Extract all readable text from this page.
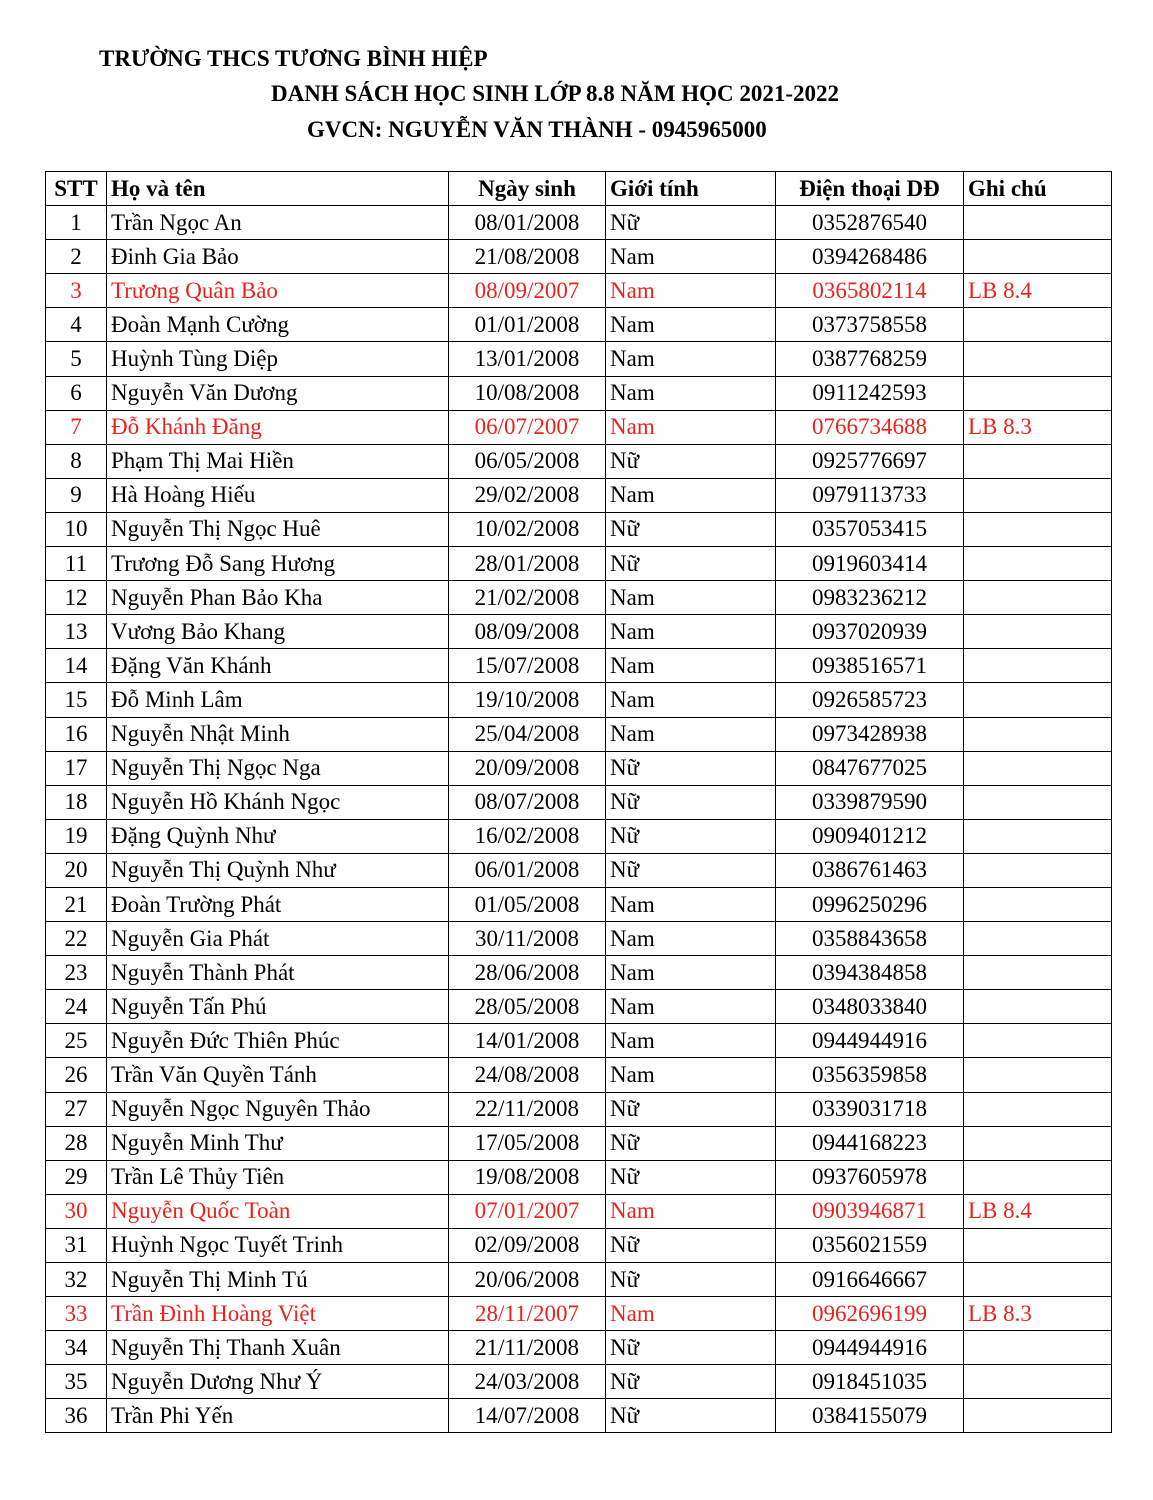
TRƯỜNG THCS TƯƠNG BÌNH HIỆP
DANH SÁCH HỌC SINH LỚP 8.8 NĂM HỌC 2021-2022
GVCN: NGUYỄN VĂN THÀNH - 0945965000
STT	Họ và tên	Ngày sinh	Giới tính	Điện thoại DĐ	Ghi chú
1	Trần Ngọc An	08/01/2008	Nữ	0352876540	
2	Đinh Gia Bảo	21/08/2008	Nam	0394268486	
3	Trương Quân Bảo	08/09/2007	Nam	0365802114	LB 8.4
4	Đoàn Mạnh Cường	01/01/2008	Nam	0373758558	
5	Huỳnh Tùng Diệp	13/01/2008	Nam	0387768259	
6	Nguyễn Văn Dương	10/08/2008	Nam	0911242593	
7	Đỗ Khánh Đăng	06/07/2007	Nam	0766734688	LB 8.3
8	Phạm Thị Mai Hiền	06/05/2008	Nữ	0925776697	
9	Hà Hoàng Hiếu	29/02/2008	Nam	0979113733	
10	Nguyễn Thị Ngọc Huê	10/02/2008	Nữ	0357053415	
11	Trương Đỗ Sang Hương	28/01/2008	Nữ	0919603414	
12	Nguyễn Phan Bảo Kha	21/02/2008	Nam	0983236212	
13	Vương Bảo Khang	08/09/2008	Nam	0937020939	
14	Đặng Văn Khánh	15/07/2008	Nam	0938516571	
15	Đỗ Minh Lâm	19/10/2008	Nam	0926585723	
16	Nguyễn Nhật Minh	25/04/2008	Nam	0973428938	
17	Nguyễn Thị Ngọc Nga	20/09/2008	Nữ	0847677025	
18	Nguyễn Hồ Khánh Ngọc	08/07/2008	Nữ	0339879590	
19	Đặng Quỳnh Như	16/02/2008	Nữ	0909401212	
20	Nguyễn Thị Quỳnh Như	06/01/2008	Nữ	0386761463	
21	Đoàn Trường Phát	01/05/2008	Nam	0996250296	
22	Nguyễn Gia Phát	30/11/2008	Nam	0358843658	
23	Nguyễn Thành Phát	28/06/2008	Nam	0394384858	
24	Nguyễn Tấn Phú	28/05/2008	Nam	0348033840	
25	Nguyễn Đức Thiên Phúc	14/01/2008	Nam	0944944916	
26	Trần Văn Quyền Tánh	24/08/2008	Nam	0356359858	
27	Nguyễn Ngọc Nguyên Thảo	22/11/2008	Nữ	0339031718	
28	Nguyễn Minh Thư	17/05/2008	Nữ	0944168223	
29	Trần Lê Thủy Tiên	19/08/2008	Nữ	0937605978	
30	Nguyễn Quốc Toàn	07/01/2007	Nam	0903946871	LB 8.4
31	Huỳnh Ngọc Tuyết Trinh	02/09/2008	Nữ	0356021559	
32	Nguyễn Thị Minh Tú	20/06/2008	Nữ	0916646667	
33	Trần Đình Hoàng Việt	28/11/2007	Nam	0962696199	LB 8.3
34	Nguyễn Thị Thanh Xuân	21/11/2008	Nữ	0944944916	
35	Nguyễn Dương Như Ý	24/03/2008	Nữ	0918451035	
36	Trần Phi Yến	14/07/2008	Nữ	0384155079	
